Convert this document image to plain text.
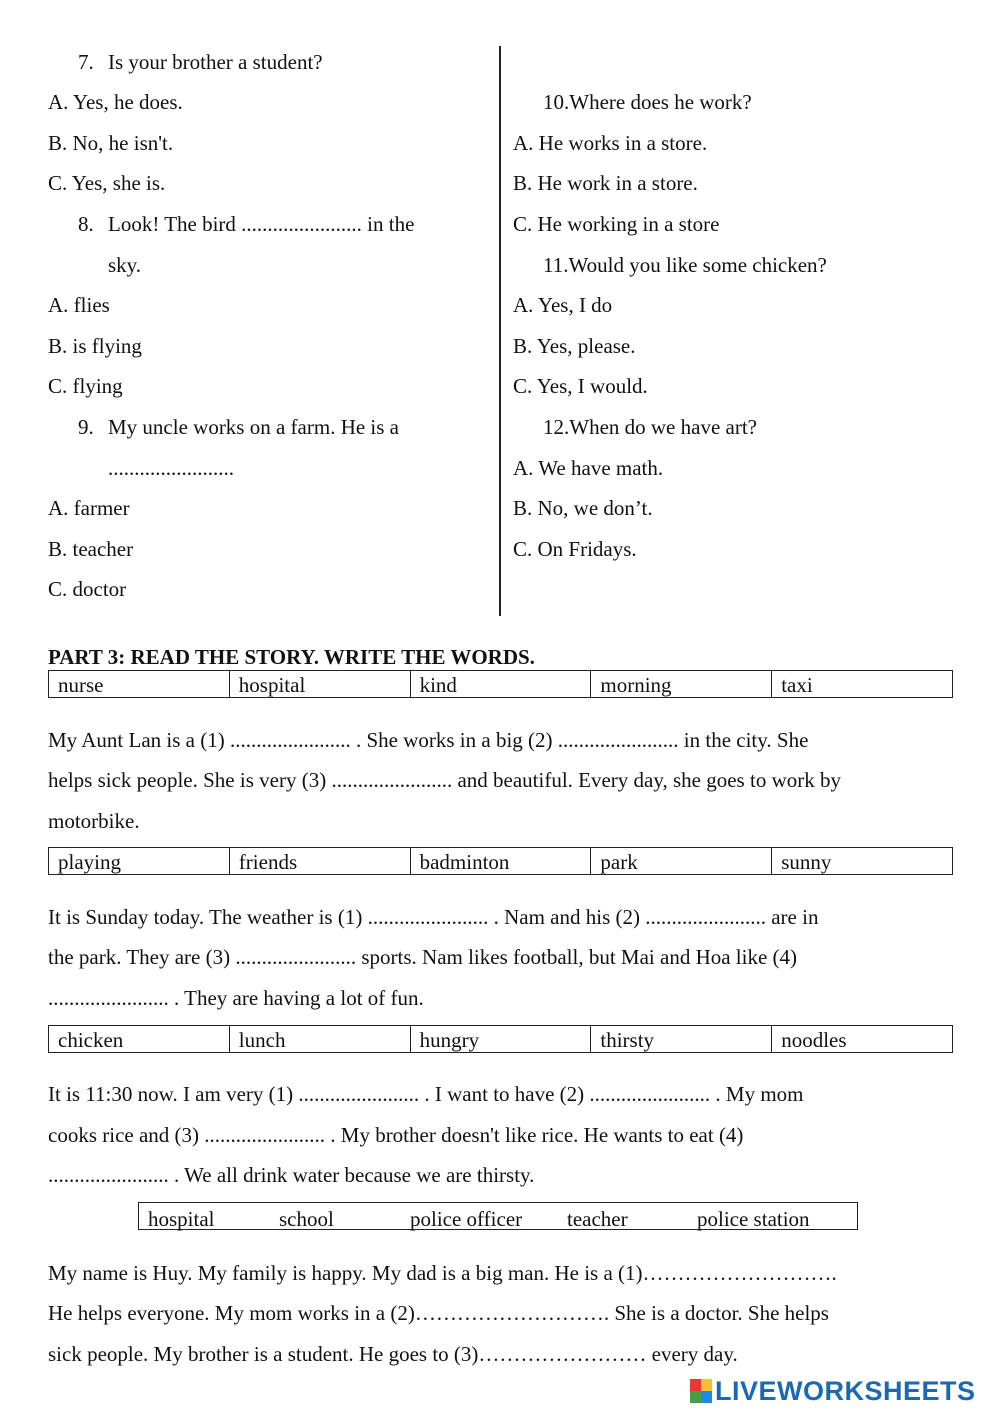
7. Is your brother a student?
A. Yes, he does.
B. No, he isn't.
C. Yes, she is.
8. Look! The bird ....................... in the
sky.
A. flies
B. is flying
C. flying
9. My uncle works on a farm. He is a
........................
A. farmer
B. teacher
C. doctor
10.Where does he work?
A. He works in a store.
B. He work in a store.
C. He working in a store
11.Would you like some chicken?
A. Yes, I do
B. Yes, please.
C. Yes, I would.
12.When do we have art?
A. We have math.
B. No, we don’t.
C. On Fridays.
PART 3: READ THE STORY. WRITE THE WORDS.
nurse	hospital	kind	morning	taxi
My Aunt Lan is a (1) ....................... . She works in a big (2) ....................... in the city. She
helps sick people. She is very (3) ....................... and beautiful. Every day, she goes to work by
motorbike.
playing	friends	badminton	park	sunny
It is Sunday today. The weather is (1) ....................... . Nam and his (2) ....................... are in
the park. They are (3) ....................... sports. Nam likes football, but Mai and Hoa like (4)
....................... . They are having a lot of fun.
chicken	lunch	hungry	thirsty	noodles
It is 11:30 now. I am very (1) ....................... . I want to have (2) ....................... . My mom
cooks rice and (3) ....................... . My brother doesn't like rice. He wants to eat (4)
....................... . We all drink water because we are thirsty.
hospital	school	police officer teacher	police station
My name is Huy. My family is happy. My dad is a big man. He is a (1)……………………….
He helps everyone. My mom works in a (2)………………………. She is a doctor. She helps
sick people. My brother is a student. He goes to (3)…………………… every day.
LIVEWORKSHEETS
